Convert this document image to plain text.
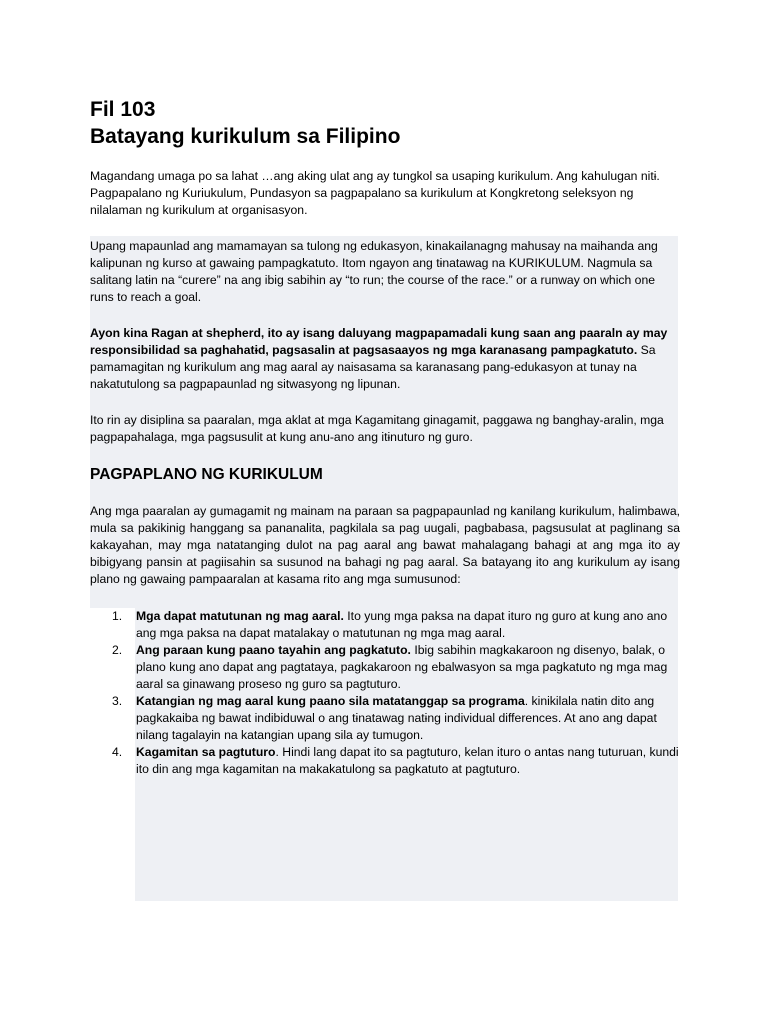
Fil 103
Batayang kurikulum sa Filipino

Magandang umaga po sa lahat …ang aking ulat ang ay tungkol sa usaping kurikulum. Ang kahulugan nitɨ. Pagpapalano ng Kuriukulum, Pundasyon sa pagpapalano sa kurikulum at Kongkretong seleksyon ng nilalaman ng kurikulum at organisasyon.

Upang mapaunlad ang mamamayan sa tulong ng edukasyon, kinakailanagng mahusay na maihanda ang kalipunan ng kurso at gawaing pampagkatuto. Itom ngayon ang tɨnatawag na KURIKULUM. Nagmula sa salitang latɨn na “curere” na ang ibig sabihin ay “to run; the course of the race.” or a runway on which one runs to reach a goal.

Ayon kina Ragan at shepherd, ito ay isang daluyang magpapamadali kung saan ang paaraln ay may responsibilidad sa paghahatɨd, pagsasalin at pagsasaayos ng mga karanasang pampagkatuto. Sa pamamagitan ng kurikulum ang mag aaral ay naisasama sa karanasang pang-edukasyon at tunay na nakatutulong sa pagpapaunlad ng sitwasyong ng lipunan.

Ito rin ay disiplina sa paaralan, mga aklat at mga Kagamitang ginagamit, paggawa ng banghay-aralin, mga pagpapahalaga, mga pagsusulit at kung anu-ano ang itɨnuturo ng guro.

PAGPAPLANO NG KURIKULUM

Ang mga paaralan ay gumagamit ng mainam na paraan sa pagpapaunlad ng kanilang kurikulum, halimbawa, mula sa pakikinig hanggang sa pananalita, pagkilala sa pag uugali, pagbabasa, pagsusulat at paglinang sa kakayahan, may mga natatanging dulot na pag aaral ang bawat mahalagang bahagi at ang mga ito ay bibigyang pansin at pagiisahin sa susunod na bahagi ng pag aaral. Sa batayang ito ang kurikulum ay isang plano ng gawaing pampaaralan at kasama rito ang mga sumusunod:

1. Mga dapat matutunan ng mag aaral. Ito yung mga paksa na dapat ituro ng guro at kung ano ano ang mga paksa na dapat matalakay o matutunan ng mga mag aaral.
2. Ang paraan kung paano tayahin ang pagkatuto. Ibig sabihin magkakaroon ng disenyo, balak, o plano kung ano dapat ang pagtataya, pagkakaroon ng ebalwasyon sa mga pagkatuto ng mga mag aaral sa ginawang proseso ng guro sa pagtuturo.
3. Katangian ng mag aaral kung paano sila matatanggap sa programa. kinikilala natɨn dito ang pagkakaiba ng bawat indibiduwal o ang tɨnatawag natɨng individual differences. At ano ang dapat nilang tagalayin na katangian upang sila ay tumugon.
4. Kagamitan sa pagtuturo. Hindi lang dapat ito sa pagtuturo, kelan ituro o antas nang tuturuan, kundi ito din ang mga kagamitan na makakatulong sa pagkatuto at pagtuturo.
